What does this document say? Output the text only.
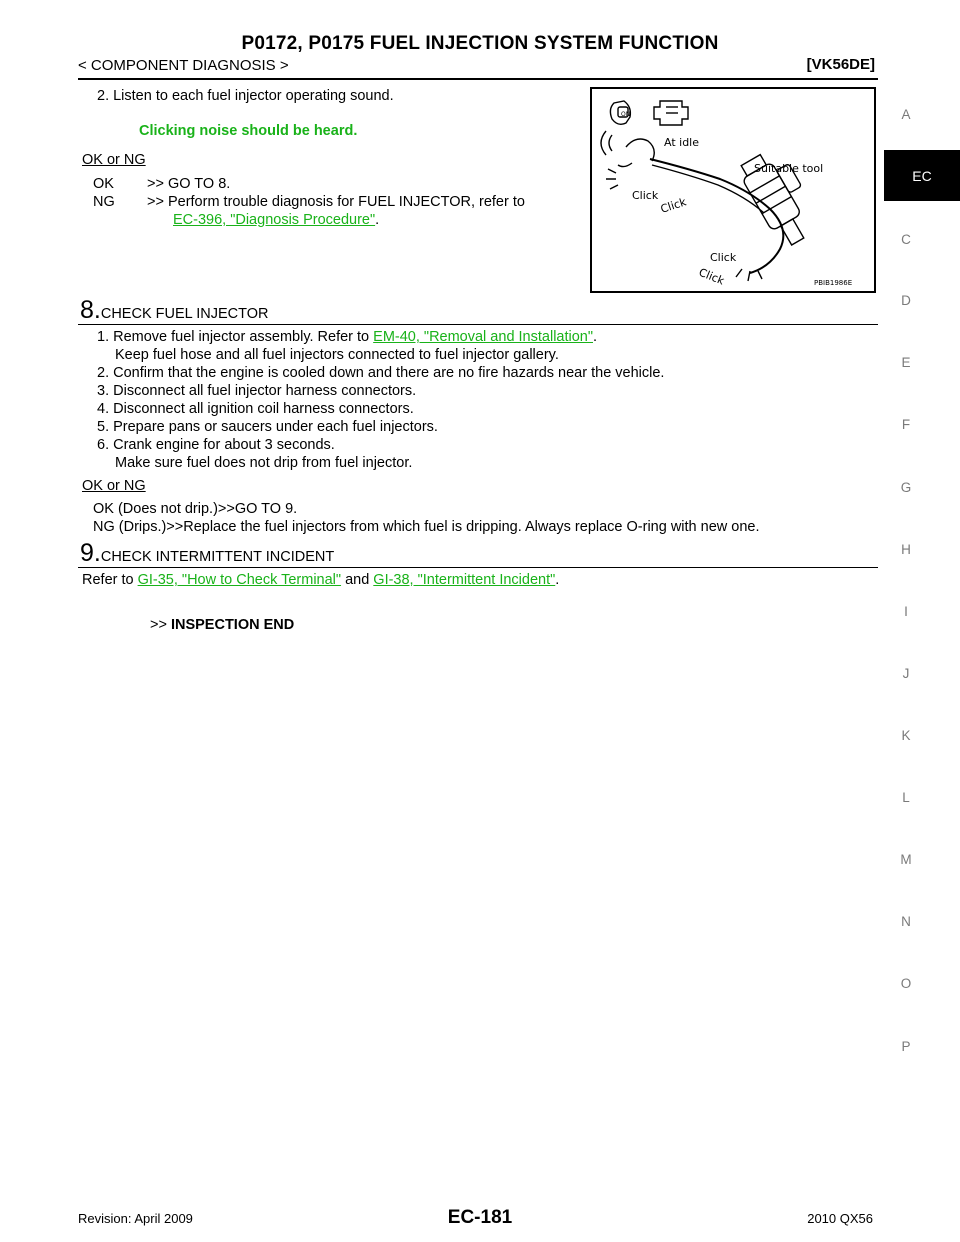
P0172, P0175 FUEL INJECTION SYSTEM FUNCTION
< COMPONENT DIAGNOSIS >	[VK56DE]
2. Listen to each fuel injector operating sound.
Clicking noise should be heard.
OK or NG
OK >> GO TO 8.
NG >> Perform trouble diagnosis for FUEL INJECTOR, refer to
EC-396, "Diagnosis Procedure".
At idle
Suitable tool
Click Click
Click
Click
ON
PBIB1986E
8.CHECK FUEL INJECTOR
1. Remove fuel injector assembly. Refer to EM-40, "Removal and Installation".
Keep fuel hose and all fuel injectors connected to fuel injector gallery.
2. Confirm that the engine is cooled down and there are no fire hazards near the vehicle.
3. Disconnect all fuel injector harness connectors.
4. Disconnect all ignition coil harness connectors.
5. Prepare pans or saucers under each fuel injectors.
6. Crank engine for about 3 seconds.
Make sure fuel does not drip from fuel injector.
OK or NG
OK (Does not drip.)>>GO TO 9.
NG (Drips.)>>Replace the fuel injectors from which fuel is dripping. Always replace O-ring with new one.
9.CHECK INTERMITTENT INCIDENT
Refer to GI-35, "How to Check Terminal" and GI-38, "Intermittent Incident".
>> INSPECTION END
A
EC
C
D
E
F
G
H
I
J
K
L
M
N
O
P
Revision: April 2009	EC-181	2010 QX56
